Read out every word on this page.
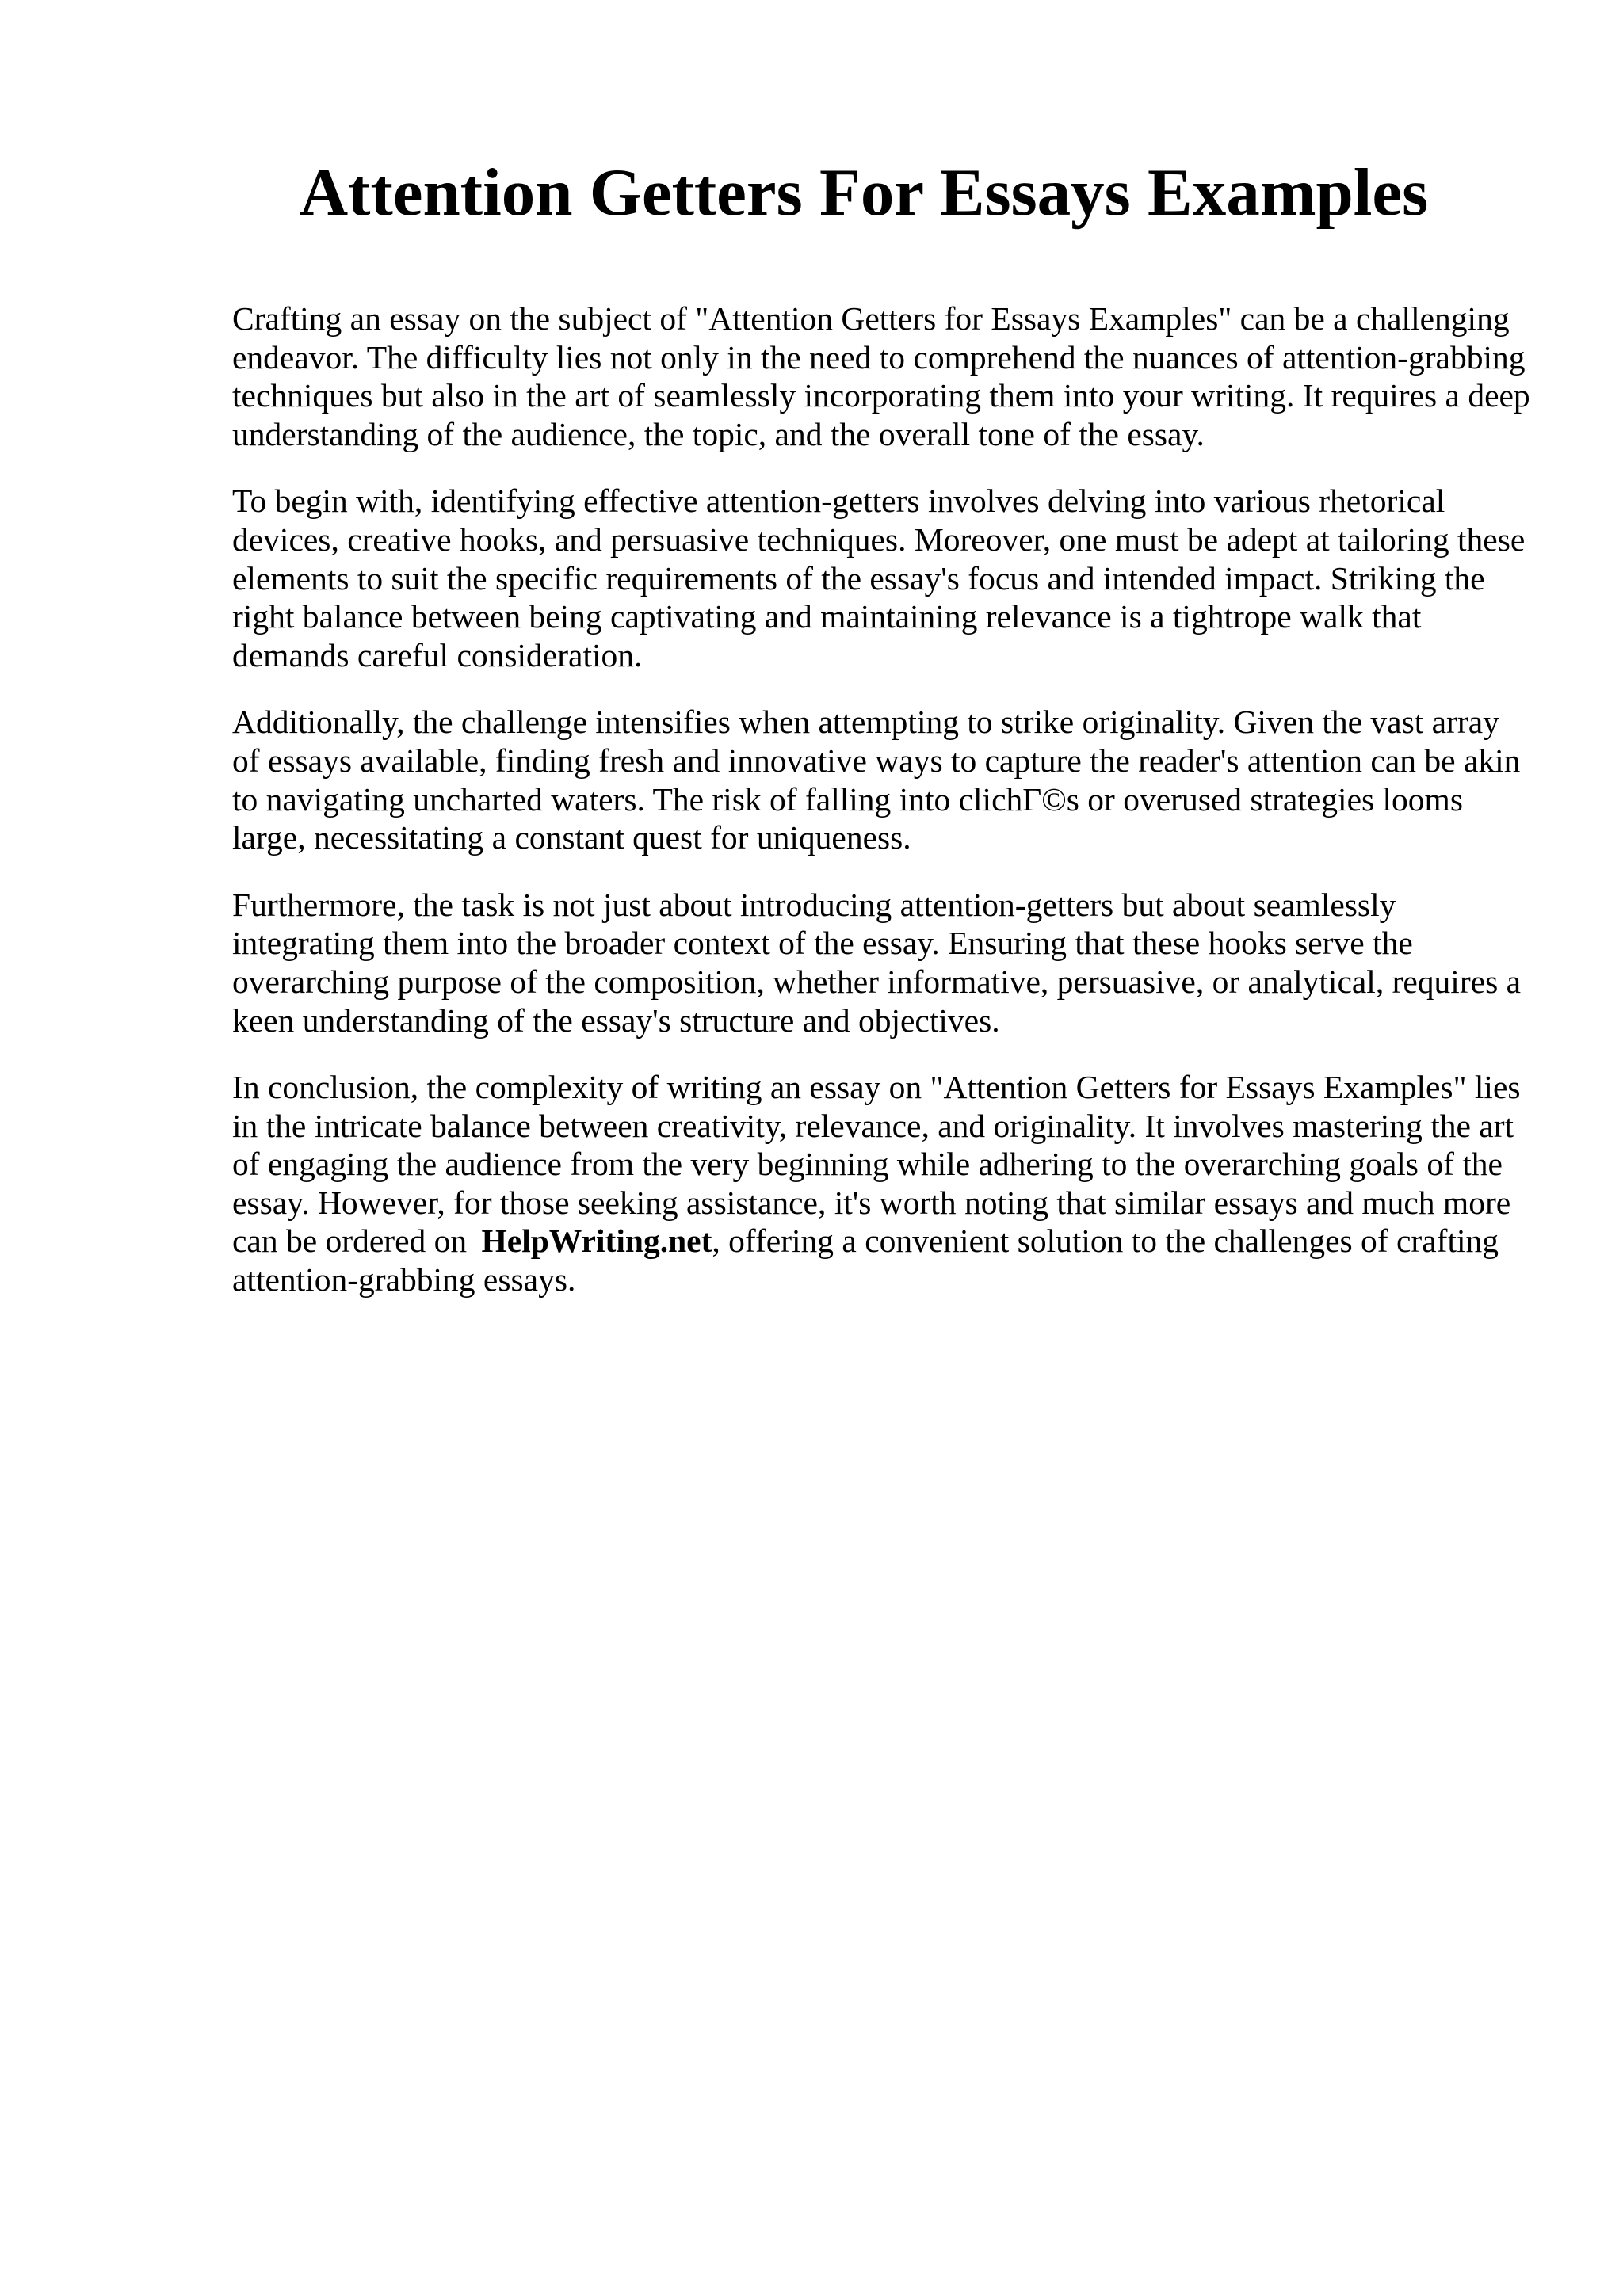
Attention Getters For Essays Examples

Crafting an essay on the subject of "Attention Getters for Essays Examples" can be a challenging endeavor. The difficulty lies not only in the need to comprehend the nuances of attention-grabbing techniques but also in the art of seamlessly incorporating them into your writing. It requires a deep understanding of the audience, the topic, and the overall tone of the essay.

To begin with, identifying effective attention-getters involves delving into various rhetorical devices, creative hooks, and persuasive techniques. Moreover, one must be adept at tailoring these elements to suit the specific requirements of the essay's focus and intended impact. Striking the right balance between being captivating and maintaining relevance is a tightrope walk that demands careful consideration.

Additionally, the challenge intensifies when attempting to strike originality. Given the vast array of essays available, finding fresh and innovative ways to capture the reader's attention can be akin to navigating uncharted waters. The risk of falling into clichΓ©s or overused strategies looms large, necessitating a constant quest for uniqueness.

Furthermore, the task is not just about introducing attention-getters but about seamlessly integrating them into the broader context of the essay. Ensuring that these hooks serve the overarching purpose of the composition, whether informative, persuasive, or analytical, requires a keen understanding of the essay's structure and objectives.

In conclusion, the complexity of writing an essay on "Attention Getters for Essays Examples" lies in the intricate balance between creativity, relevance, and originality. It involves mastering the art of engaging the audience from the very beginning while adhering to the overarching goals of the essay. However, for those seeking assistance, it's worth noting that similar essays and much more can be ordered on HelpWriting.net, offering a convenient solution to the challenges of crafting attention-grabbing essays.
